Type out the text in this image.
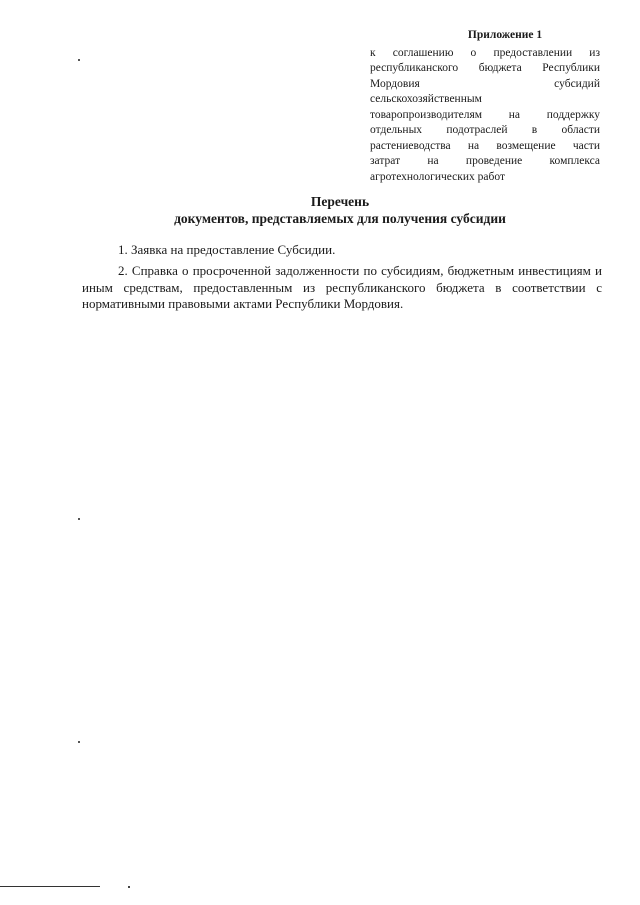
Приложение 1
к соглашению о предоставлении из
республиканского бюджета Республики
Мордовия субсидий
сельскохозяйственным
товаропроизводителям на поддержку
отдельных подотраслей в области
растениеводства на возмещение части
затрат на проведение комплекса
агротехнологических работ
Перечень
документов, представляемых для получения субсидии
1. Заявка на предоставление Субсидии.
2. Справка о просроченной задолженности по субсидиям, бюджетным инвестициям и иным средствам, предоставленным из республиканского бюджета в соответствии с нормативными правовыми актами Республики Мордовия.
